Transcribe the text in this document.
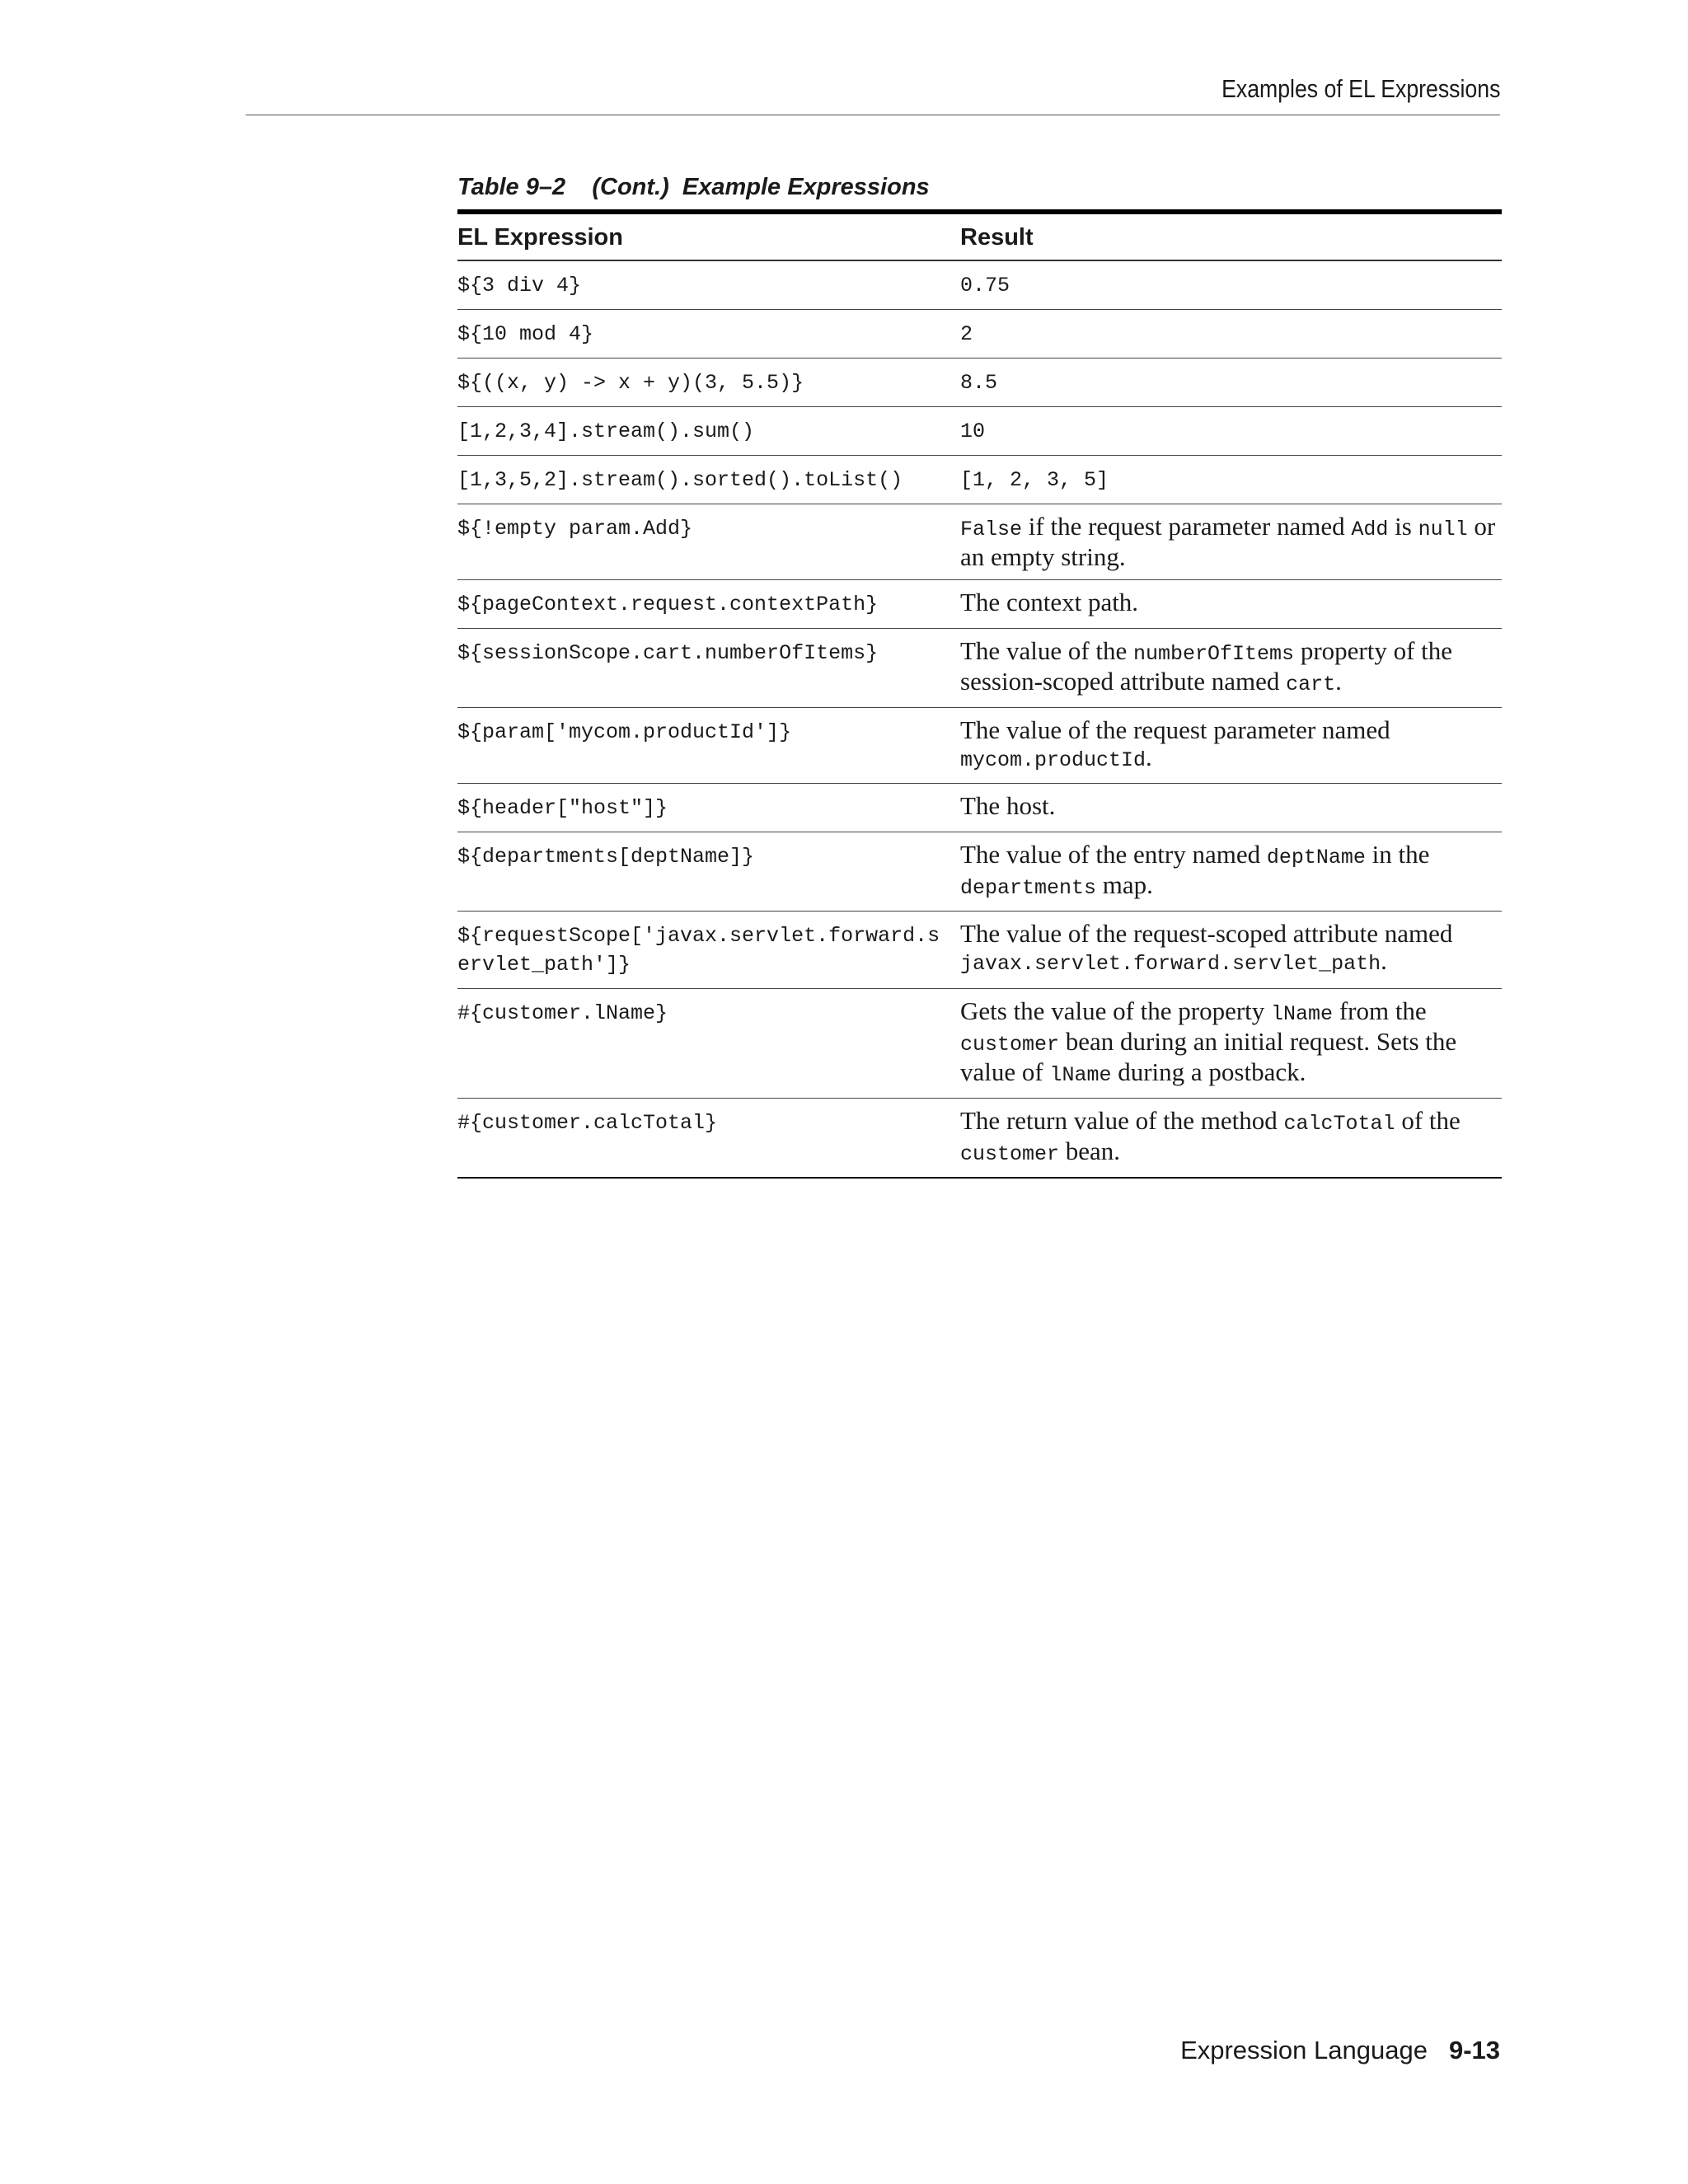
Examples of EL Expressions
Table 9–2    (Cont.)  Example Expressions
EL Expression	Result
${3 div 4}	0.75
${10 mod 4}	2
${((x, y) -> x + y)(3, 5.5)}	8.5
[1,2,3,4].stream().sum()	10
[1,3,5,2].stream().sorted().toList()	[1, 2, 3, 5]
${!empty param.Add}	False if the request parameter named Add is null or an empty string.
${pageContext.request.contextPath}	The context path.
${sessionScope.cart.numberOfItems}	The value of the numberOfItems property of the session-scoped attribute named cart.
${param['mycom.productId']}	The value of the request parameter named mycom.productId.
${header["host"]}	The host.
${departments[deptName]}	The value of the entry named deptName in the departments map.
${requestScope['javax.servlet.forward.servlet_path']}	The value of the request-scoped attribute named javax.servlet.forward.servlet_path.
#{customer.lName}	Gets the value of the property lName from the customer bean during an initial request. Sets the value of lName during a postback.
#{customer.calcTotal}	The return value of the method calcTotal of the customer bean.
Expression Language 9-13
